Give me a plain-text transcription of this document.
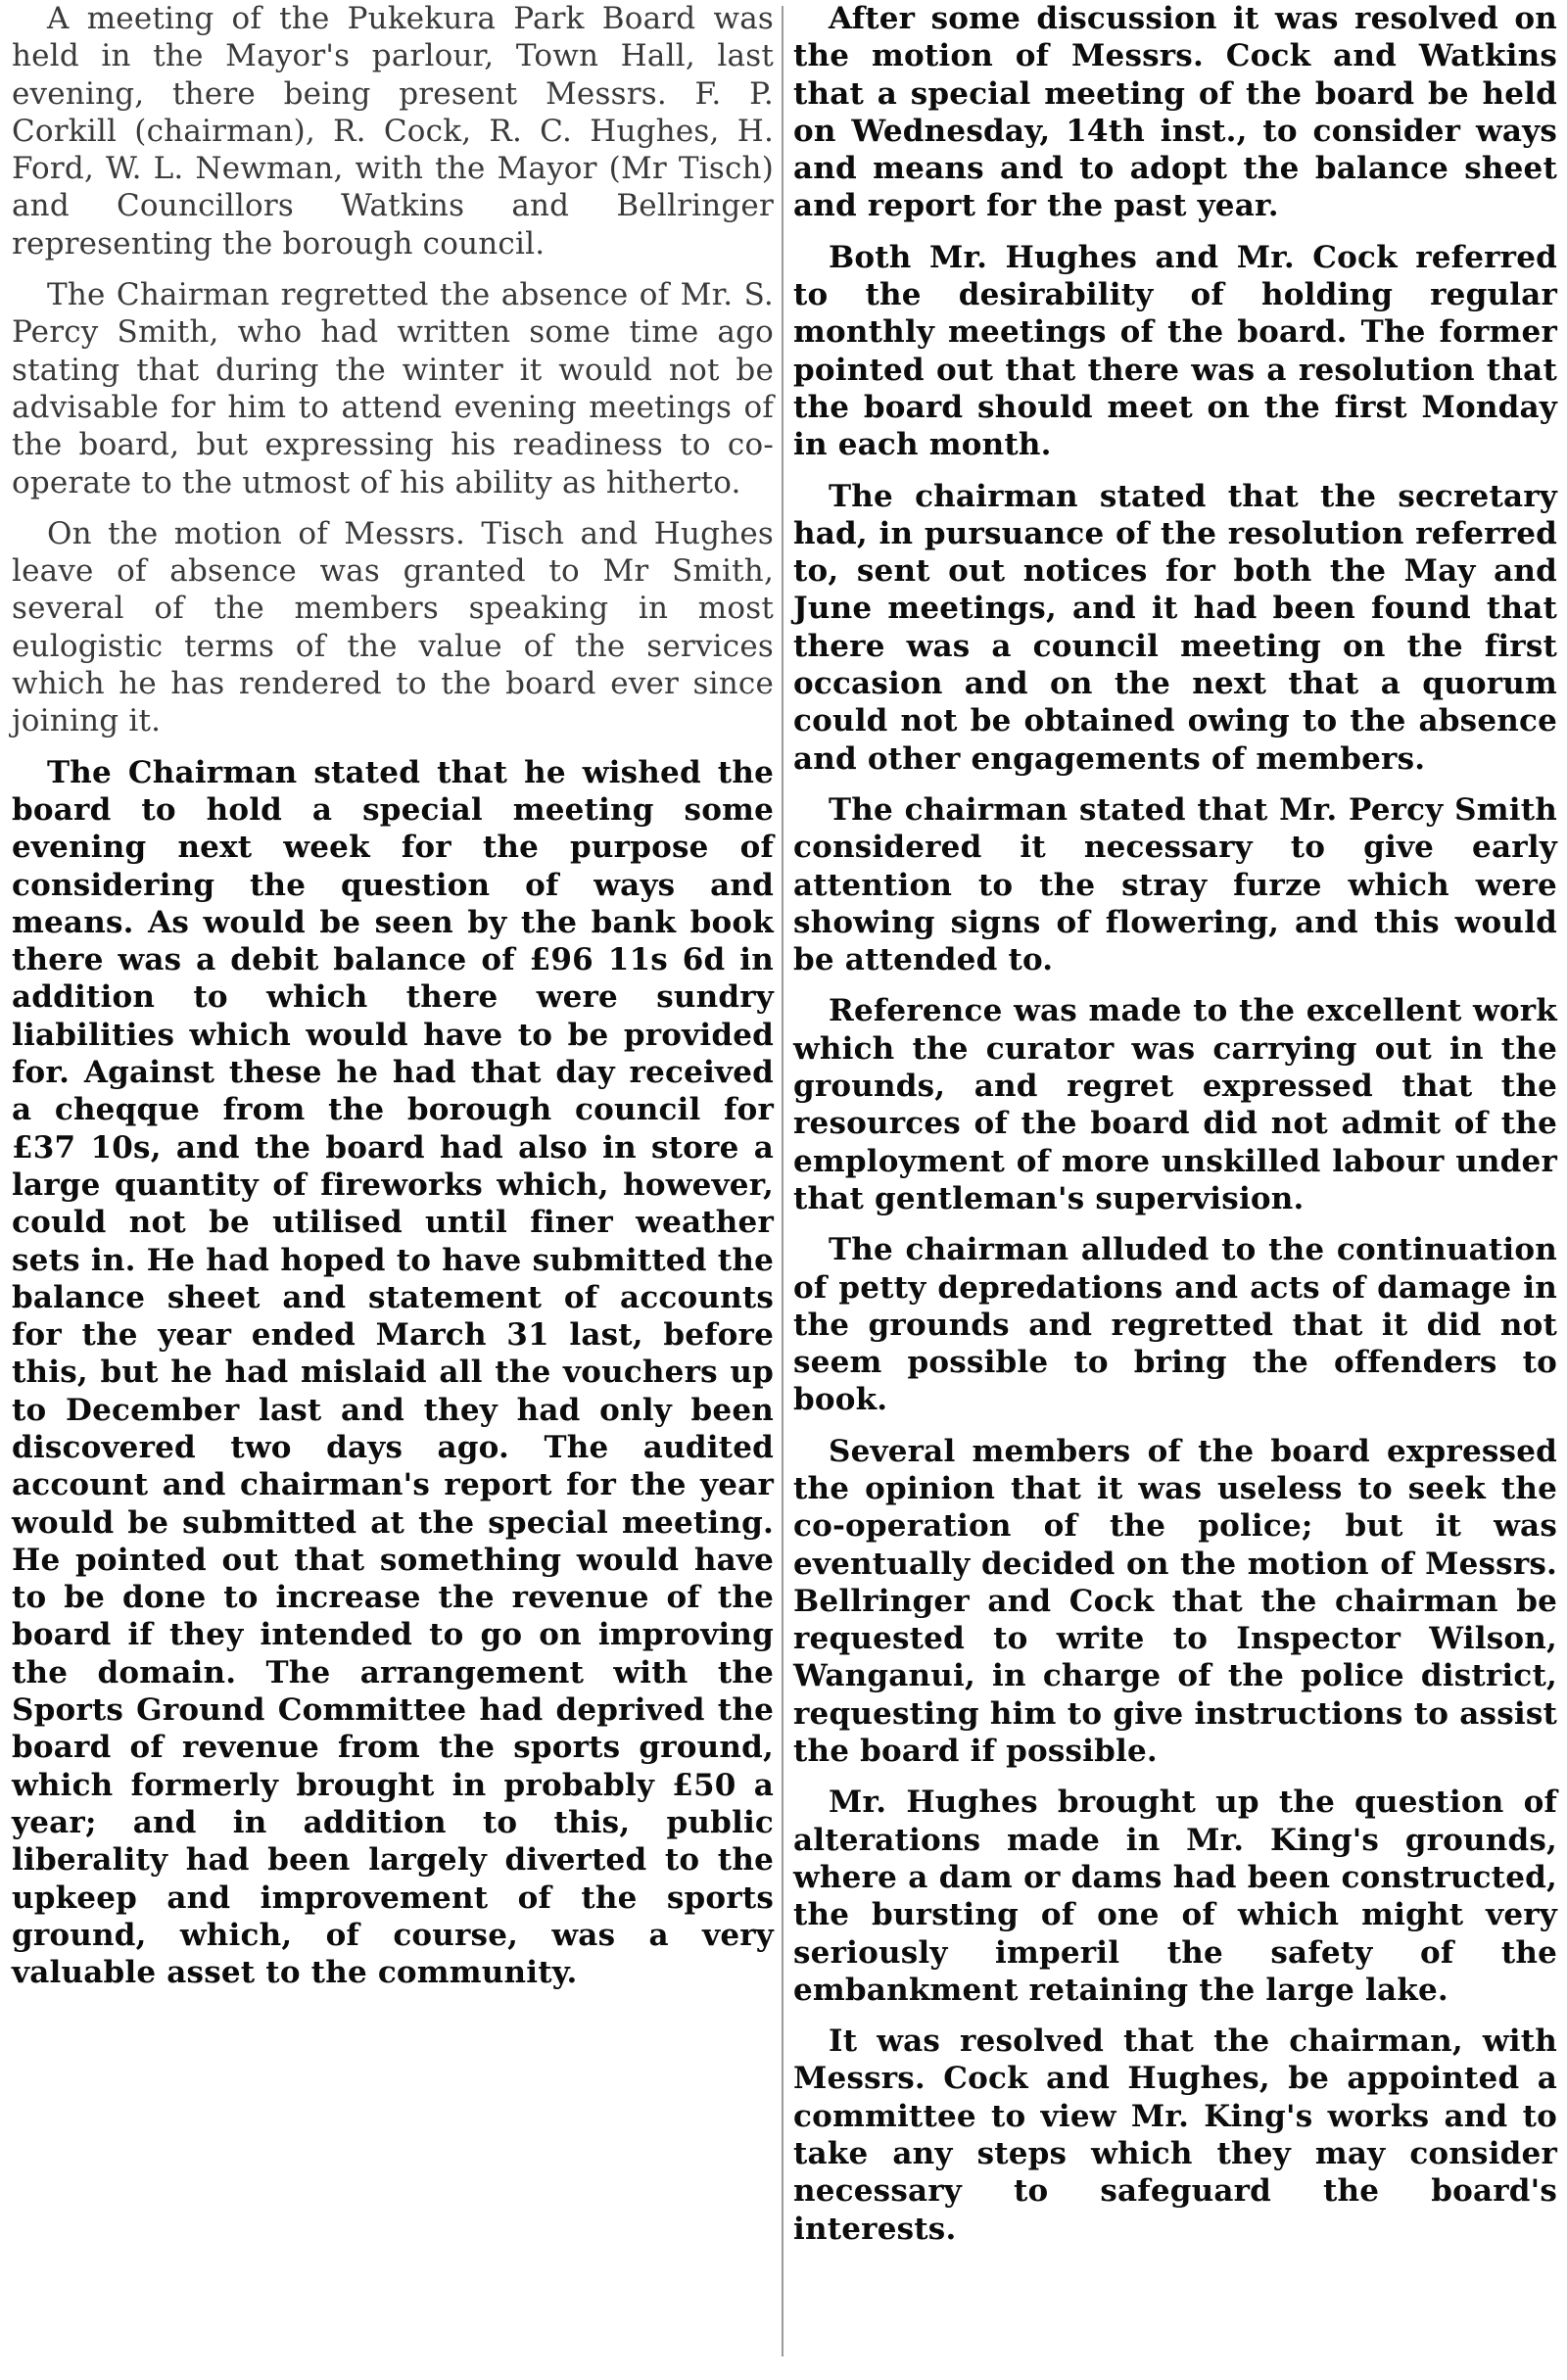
A meeting of the Pukekura Park Board was held in the Mayor's parlour, Town Hall, last evening, there being present Messrs. F. P. Corkill (chairman), R. Cock, R. C. Hughes, H. Ford, W. L. Newman, with the Mayor (Mr Tisch) and Councillors Watkins and Bellringer representing the borough council.

The Chairman regretted the absence of Mr. S. Percy Smith, who had written some time ago stating that during the winter it would not be advisable for him to attend evening meetings of the board, but expressing his readiness to co-operate to the utmost of his ability as hitherto.

On the motion of Messrs. Tisch and Hughes leave of absence was granted to Mr Smith, several of the members speaking in most eulogistic terms of the value of the services which he has rendered to the board ever since joining it.

The Chairman stated that he wished the board to hold a special meeting some evening next week for the purpose of considering the question of ways and means. As would be seen by the bank book there was a debit balance of £96 11s 6d in addition to which there were sundry liabilities which would have to be provided for. Against these he had that day received a cheqque from the borough council for £37 10s, and the board had also in store a large quantity of fireworks which, however, could not be utilised until finer weather sets in. He had hoped to have submitted the balance sheet and statement of accounts for the year ended March 31 last, before this, but he had mislaid all the vouchers up to December last and they had only been discovered two days ago. The audited account and chairman's report for the year would be submitted at the special meeting. He pointed out that something would have to be done to increase the revenue of the board if they intended to go on improving the domain. The arrangement with the Sports Ground Committee had deprived the board of revenue from the sports ground, which formerly brought in probably £50 a year; and in addition to this, public liberality had been largely diverted to the upkeep and improvement of the sports ground, which, of course, was a very valuable asset to the community.

After some discussion it was resolved on the motion of Messrs. Cock and Watkins that a special meeting of the board be held on Wednesday, 14th inst., to consider ways and means and to adopt the balance sheet and report for the past year.

Both Mr. Hughes and Mr. Cock referred to the desirability of holding regular monthly meetings of the board. The former pointed out that there was a resolution that the board should meet on the first Monday in each month.

The chairman stated that the secretary had, in pursuance of the resolution referred to, sent out notices for both the May and June meetings, and it had been found that there was a council meeting on the first occasion and on the next that a quorum could not be obtained owing to the absence and other engagements of members.

The chairman stated that Mr. Percy Smith considered it necessary to give early attention to the stray furze which were showing signs of flowering, and this would be attended to.

Reference was made to the excellent work which the curator was carrying out in the grounds, and regret expressed that the resources of the board did not admit of the employment of more unskilled labour under that gentleman's supervision.

The chairman alluded to the continuation of petty depredations and acts of damage in the grounds and regretted that it did not seem possible to bring the offenders to book.

Several members of the board expressed the opinion that it was useless to seek the co-operation of the police; but it was eventually decided on the motion of Messrs. Bellringer and Cock that the chairman be requested to write to Inspector Wilson, Wanganui, in charge of the police district, requesting him to give instructions to assist the board if possible.

Mr. Hughes brought up the question of alterations made in Mr. King's grounds, where a dam or dams had been constructed, the bursting of one of which might very seriously imperil the safety of the embankment retaining the large lake.

It was resolved that the chairman, with Messrs. Cock and Hughes, be appointed a committee to view Mr. King's works and to take any steps which they may consider necessary to safeguard the board's interests.
